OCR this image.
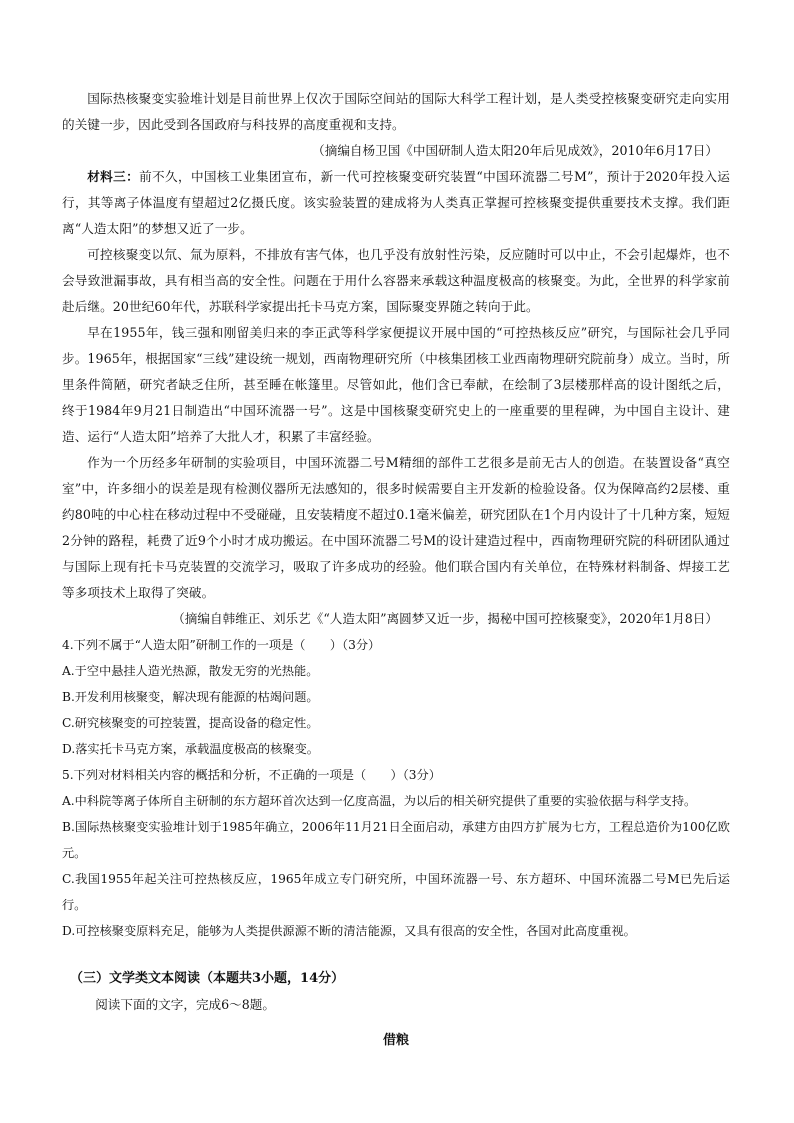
国际热核聚变实验堆计划是目前世界上仅次于国际空间站的国际大科学工程计划，是人类受控核聚变研究走向实用的关键一步，因此受到各国政府与科技界的高度重视和支持。

（摘编自杨卫国《中国研制人造太阳20年后见成效》，2010年6月17日）

材料三：前不久，中国核工业集团宣布，新一代可控核聚变研究装置“中国环流器二号M”，预计于2020年投入运行，其等离子体温度有望超过2亿摄氏度。该实验装置的建成将为人类真正掌握可控核聚变提供重要技术支撑。我们距离“人造太阳”的梦想又近了一步。

可控核聚变以氘、氚为原料，不排放有害气体，也几乎没有放射性污染，反应随时可以中止，不会引起爆炸，也不会导致泄漏事故，具有相当高的安全性。问题在于用什么容器来承载这种温度极高的核聚变。为此，全世界的科学家前赴后继。20世纪60年代，苏联科学家提出托卡马克方案，国际聚变界随之转向于此。

早在1955年，钱三强和刚留美归来的李正武等科学家便提议开展中国的“可控热核反应”研究，与国际社会几乎同步。1965年，根据国家“三线”建设统一规划，西南物理研究所（中核集团核工业西南物理研究院前身）成立。当时，所里条件简陋，研究者缺乏住所，甚至睡在帐篷里。尽管如此，他们含已奉献，在绘制了3层楼那样高的设计图纸之后，终于1984年9月21日制造出“中国环流器一号”。这是中国核聚变研究史上的一座重要的里程碑，为中国自主设计、建造、运行“人造太阳”培养了大批人才，积累了丰富经验。

作为一个历经多年研制的实验项目，中国环流器二号M精细的部件工艺很多是前无古人的创造。在装置设备“真空室”中，许多细小的误差是现有检测仪器所无法感知的，很多时候需要自主开发新的检验设备。仅为保障高约2层楼、重约80吨的中心柱在移动过程中不受碰碰，且安装精度不超过0.1毫米偏差，研究团队在1个月内设计了十几种方案，短短2分钟的路程，耗费了近9个小时才成功搬运。在中国环流器二号M的设计建造过程中，西南物理研究院的科研团队通过与国际上现有托卡马克装置的交流学习，吸取了许多成功的经验。他们联合国内有关单位，在特殊材料制备、焊接工艺等多项技术上取得了突破。

（摘编自韩维正、刘乐艺《“人造太阳”离圆梦又近一步，揭秘中国可控核聚变》，2020年1月8日）

4.下列不属于“人造太阳”研制工作的一项是（　　）（3分）

A.于空中悬挂人造光热源，散发无穷的光热能。

B.开发利用核聚变，解决现有能源的枯竭问题。

C.研究核聚变的可控装置，提高设备的稳定性。

D.落实托卡马克方案，承载温度极高的核聚变。

5.下列对材料相关内容的概括和分析，不正确的一项是（　　）（3分）

A.中科院等离子体所自主研制的东方超环首次达到一亿度高温，为以后的相关研究提供了重要的实验依据与科学支持。

B.国际热核聚变实验堆计划于1985年确立，2006年11月21日全面启动，承建方由四方扩展为七方，工程总造价为100亿欧元。

C.我国1955年起关注可控热核反应，1965年成立专门研究所，中国环流器一号、东方超环、中国环流器二号M已先后运行。

D.可控核聚变原料充足，能够为人类提供源源不断的清洁能源，又具有很高的安全性，各国对此高度重视。

（三）文学类文本阅读（本题共3小题，14分）

阅读下面的文字，完成6～8题。

借粮
